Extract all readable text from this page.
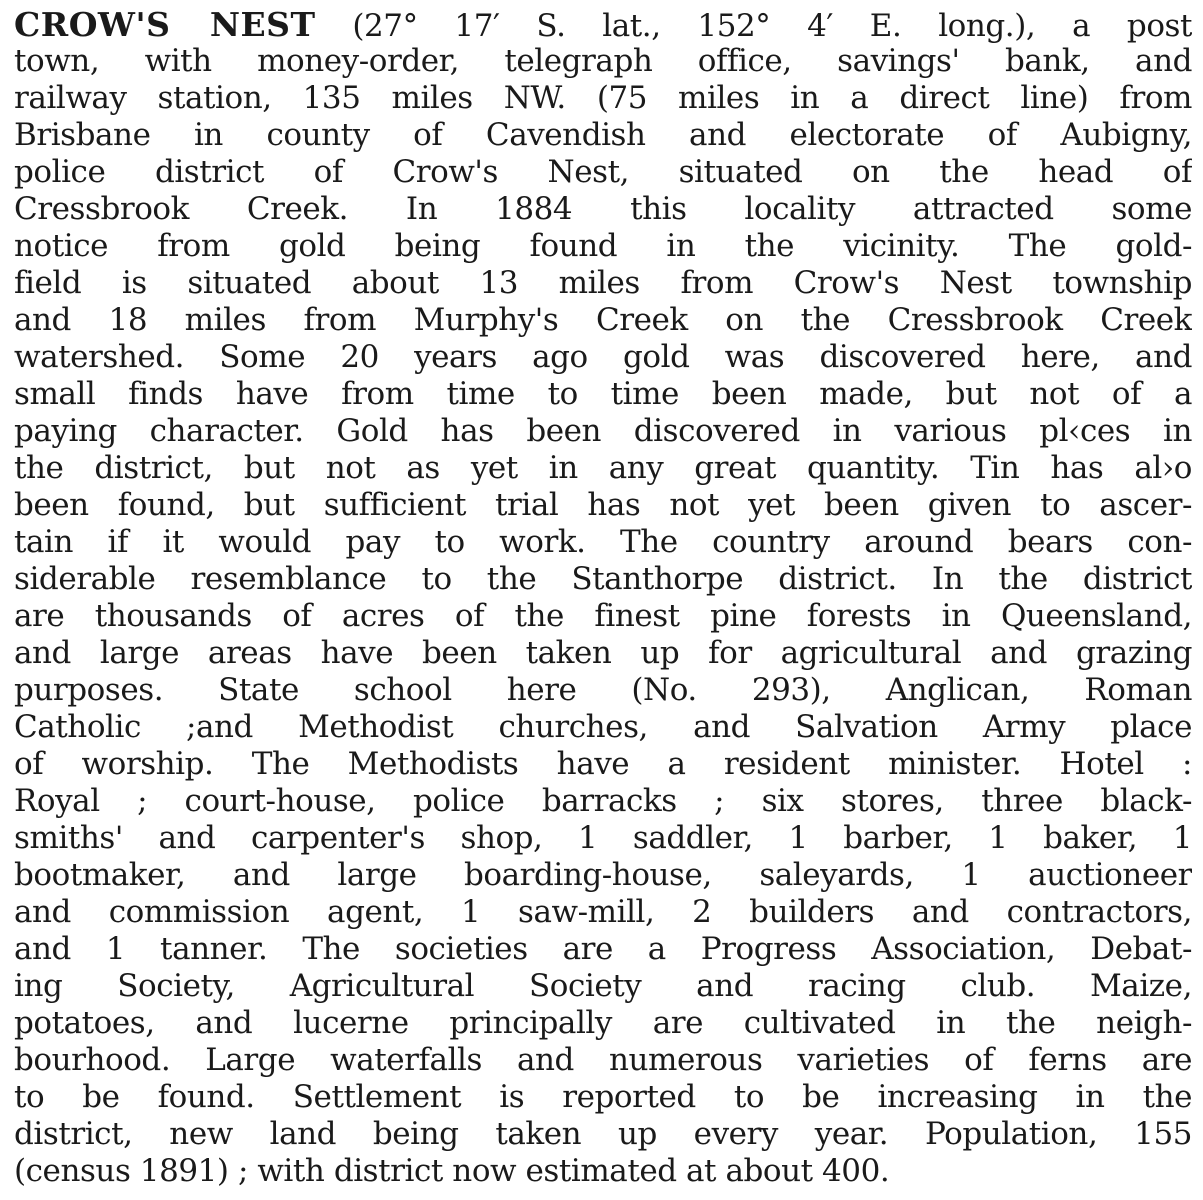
CROW'S NEST (27° 17′ S. lat., 152° 4′ E. long.), a post
town, with money-order, telegraph office, savings' bank, and
railway station, 135 miles NW. (75 miles in a direct line) from
Brisbane in county of Cavendish and electorate of Aubigny,
police district of Crow's Nest, situated on the head of
Cressbrook Creek. In 1884 this locality attracted some
notice from gold being found in the vicinity. The gold-
field is situated about 13 miles from Crow's Nest township
and 18 miles from Murphy's Creek on the Cressbrook Creek
watershed. Some 20 years ago gold was discovered here, and
small finds have from time to time been made, but not of a
paying character. Gold has been discovered in various pl‹ces in
the district, but not as yet in any great quantity. Tin has al›o
been found, but sufficient trial has not yet been given to ascer-
tain if it would pay to work. The country around bears con-
siderable resemblance to the Stanthorpe district. In the district
are thousands of acres of the finest pine forests in Queensland,
and large areas have been taken up for agricultural and grazing
purposes. State school here (No. 293), Anglican, Roman
Catholic ;and Methodist churches, and Salvation Army place
of worship. The Methodists have a resident minister. Hotel :
Royal ; court-house, police barracks ; six stores, three black-
smiths' and carpenter's shop, 1 saddler, 1 barber, 1 baker, 1
bootmaker, and large boarding-house, saleyards, 1 auctioneer
and commission agent, 1 saw-mill, 2 builders and contractors,
and 1 tanner. The societies are a Progress Association, Debat-
ing Society, Agricultural Society and racing club. Maize,
potatoes, and lucerne principally are cultivated in the neigh-
bourhood. Large waterfalls and numerous varieties of ferns are
to be found. Settlement is reported to be increasing in the
district, new land being taken up every year. Population, 155
(census 1891) ; with district now estimated at about 400.
